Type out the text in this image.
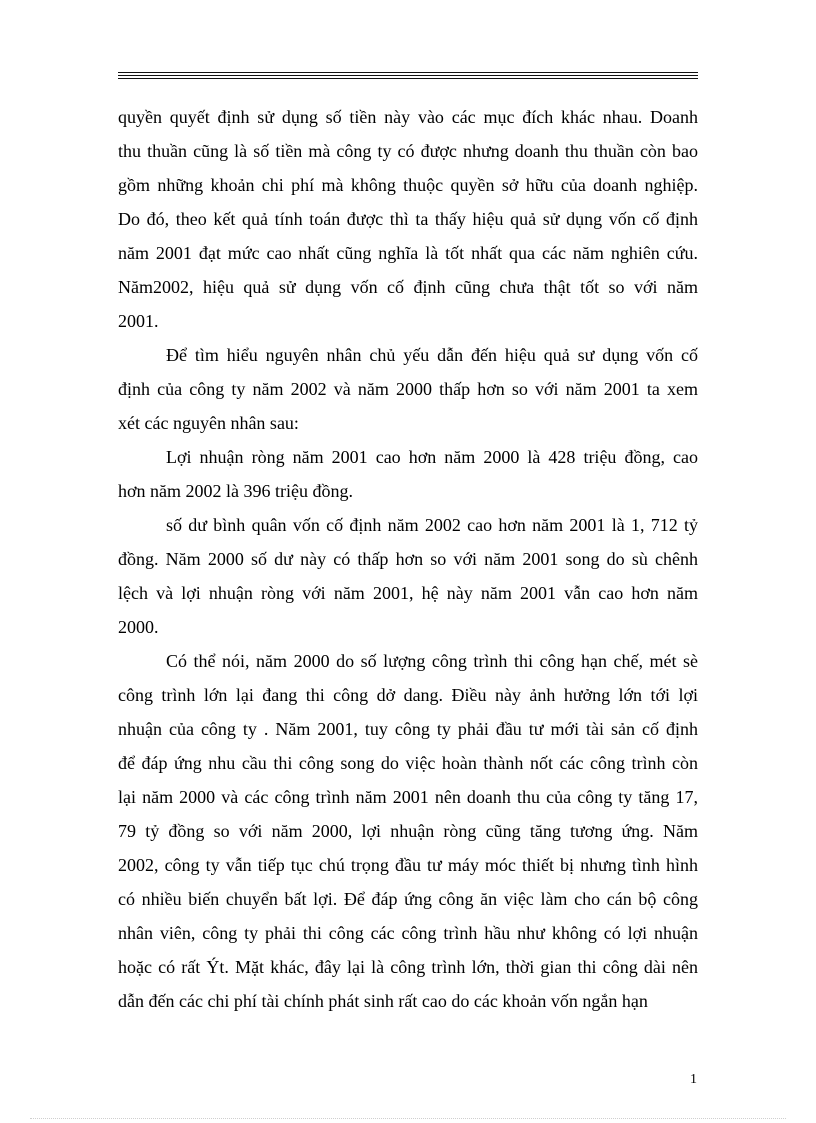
quyền quyết định sử dụng số tiền này vào các mục đích khác nhau. Doanh
thu thuần cũng là số tiền mà công ty có được nhưng doanh thu thuần còn bao
gồm những khoản chi phí mà không thuộc quyền sở hữu của doanh nghiệp.
Do đó, theo kết quả tính toán được thì ta thấy hiệu quả sử dụng vốn cố định
năm 2001 đạt mức cao nhất cũng nghĩa là tốt nhất qua các năm nghiên cứu.
Năm2002, hiệu quả sử dụng vốn cố định cũng chưa thật tốt so với năm
2001.

Để tìm hiểu nguyên nhân chủ yếu dẫn đến hiệu quả sư dụng vốn cố
định của công ty năm 2002 và năm 2000 thấp hơn so với năm 2001 ta xem
xét các nguyên nhân sau:

Lợi nhuận ròng năm 2001 cao hơn năm 2000 là 428 triệu đồng, cao
hơn năm 2002 là 396 triệu đồng.

số dư bình quân vốn cố định năm 2002 cao hơn năm 2001 là 1, 712 tỷ
đồng. Năm 2000 số dư này có thấp hơn so với năm 2001 song do sù chênh
lệch và lợi nhuận ròng với năm 2001, hệ này năm 2001 vẫn cao hơn năm
2000.

Có thể nói, năm 2000 do số lượng công trình thi công hạn chế, mét sè
công trình lớn lại đang thi công dở dang. Điều này ảnh hưởng lớn tới lợi
nhuận của công ty . Năm 2001, tuy công ty phải đầu tư mới tài sản cố định
để đáp ứng nhu cầu thi công song do việc hoàn thành nốt các công trình còn
lại năm 2000 và các công trình năm 2001 nên doanh thu của công ty tăng 17,
79 tỷ đồng so với năm 2000, lợi nhuận ròng cũng tăng tương ứng. Năm
2002, công ty vẫn tiếp tục chú trọng đầu tư máy móc thiết bị nhưng tình hình
có nhiều biến chuyển bất lợi. Để đáp ứng công ăn việc làm cho cán bộ công
nhân viên, công ty phải thi công các công trình hầu như không có lợi nhuận
hoặc có rất Ýt. Mặt khác, đây lại là công trình lớn, thời gian thi công dài nên
dẫn đến các chi phí tài chính phát sinh rất cao do các khoản vốn ngắn hạn

1
